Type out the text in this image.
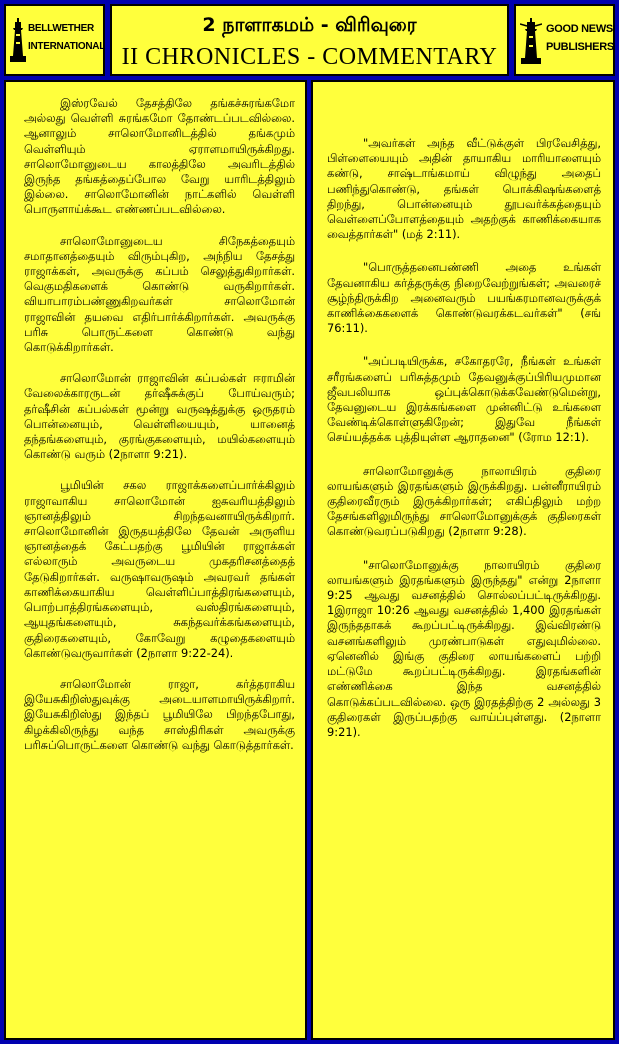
BELLWETHER
INTERNATIONAL
2 நாளாகமம் - விரிவுரை
II CHRONICLES - COMMENTARY
GOOD NEWS
PUBLISHERS

இஸ்ரவேல் தேசத்திலே தங்கச்சுரங்கமோ அல்லது வெள்ளி சுரங்கமோ தோண்டப்படவில்லை. ஆனாலும் சாலொமோனிடத்தில் தங்கமும் வெள்ளியும் ஏராளமாயிருக்கிறது. சாலொமோனுடைய காலத்திலே அவரிடத்தில் இருந்த தங்கத்தைப்போல வேறு யாரிடத்திலும் இல்லை. சாலொமோனின் நாட்களில் வெள்ளி பொருளாய்க்கூட எண்ணப்படவில்லை.

சாலொமோனுடைய சிநேகத்தையும் சமாதானத்தையும் விரும்புகிற, அந்நிய தேசத்து ராஜாக்கள், அவருக்கு கப்பம் செலுத்துகிறார்கள். வெகுமதிகளைக் கொண்டு வருகிறார்கள். வியாபாரம்பண்ணுகிறவர்கள் சாலொமோன் ராஜாவின் தயவை எதிர்பார்க்கிறார்கள். அவருக்கு பரிசு பொருட்களை கொண்டு வந்து கொடுக்கிறார்கள்.

சாலொமோன் ராஜாவின் கப்பல்கள் ஈராமின் வேலைக்காரருடன் தர்ஷீசுக்குப் போய்வரும்; தர்ஷீசின் கப்பல்கள் மூன்று வருஷத்துக்கு ஒருதரம் பொன்னையும், வெள்ளியையும், யானைத் தந்தங்களையும், குரங்குகளையும், மயில்களையும் கொண்டு வரும் (2நாளா 9:21).

பூமியின் சகல ராஜாக்களைப்பார்க்கிலும் ராஜாவாகிய சாலொமோன் ஐசுவரியத்திலும் ஞானத்திலும் சிறந்தவனாயிருக்கிறார். சாலொமோனின் இருதயத்திலே தேவன் அருளிய ஞானத்தைக் கேட்பதற்கு பூமியின் ராஜாக்கள் எல்லாரும் அவருடைய முகதரிசனத்தைத் தேடுகிறார்கள். வருஷாவருஷம் அவரவர் தங்கள் காணிக்கையாகிய வெள்ளிப்பாத்திரங்களையும், பொற்பாத்திரங்களையும், வஸ்திரங்களையும், ஆயுதங்களையும், சுகந்தவர்க்கங்களையும், குதிரைகளையும், கோவேறு கழுதைகளையும் கொண்டுவருவார்கள் (2நாளா 9:22-24).

சாலொமோன் ராஜா, கர்த்தராகிய இயேசுகிறிஸ்துவுக்கு அடையாளமாயிருக்கிறார். இயேசுகிறிஸ்து இந்தப் பூமியிலே பிறந்தபோது, கிழக்கிலிருந்து வந்த சாஸ்திரிகள் அவருக்கு பரிசுப்பொருட்களை கொண்டு வந்து கொடுத்தார்கள்.

"அவர்கள் அந்த வீட்டுக்குள் பிரவேசித்து, பிள்ளையையும் அதின் தாயாகிய மாரியாளையும் கண்டு, சாஷ்டாங்கமாய் விழுந்து அதைப் பணிந்துகொண்டு, தங்கள் பொக்கிஷங்களைத் திறந்து, பொன்னையும் தூபவர்க்கத்தையும் வெள்ளைப்போளத்தையும் அதற்குக் காணிக்கையாக வைத்தார்கள்" (மத் 2:11).

"பொருத்தனைபண்ணி அதை உங்கள் தேவனாகிய கர்த்தருக்கு நிறைவேற்றுங்கள்; அவரைச் சூழ்ந்திருக்கிற அனைவரும் பயங்கரமானவருக்குக் காணிக்கைகளைக் கொண்டுவரக்கடவர்கள்" (சங் 76:11).

"அப்படியிருக்க, சகோதரரே, நீங்கள் உங்கள் சரீரங்களைப் பரிசுத்தமும் தேவனுக்குப்பிரியமுமான ஜீவபலியாக ஒப்புக்கொடுக்கவேண்டுமென்று, தேவனுடைய இரக்கங்களை முன்னிட்டு உங்களை வேண்டிக்கொள்ளுகிறேன்; இதுவே நீங்கள் செய்யத்தக்க புத்தியுள்ள ஆராதனை" (ரோம 12:1).

சாலொமோனுக்கு நாலாயிரம் குதிரை லாயங்களும் இரதங்களும் இருக்கிறது. பன்னீராயிரம் குதிரைவீரரும் இருக்கிறார்கள்; எகிப்திலும் மற்ற தேசங்களிலுமிருந்து சாலொமோனுக்குக் குதிரைகள் கொண்டுவரப்படுகிறது (2நாளா 9:28).

"சாலொமோனுக்கு நாலாயிரம் குதிரை லாயங்களும் இரதங்களும் இருந்தது" என்று 2நாளா 9:25 ஆவது வசனத்தில் சொல்லப்பட்டிருக்கிறது. 1இராஜா 10:26 ஆவது வசனத்தில் 1,400 இரதங்கள் இருந்ததாகக் கூறப்பட்டிருக்கிறது. இவ்விரண்டு வசனங்களிலும் முரண்பாடுகள் எதுவுமில்லை. ஏனெனில் இங்கு குதிரை லாயங்களைப் பற்றி மட்டுமே கூறப்பட்டிருக்கிறது. இரதங்களின் எண்ணிக்கை இந்த வசனத்தில் கொடுக்கப்படவில்லை. ஒரு இரதத்திற்கு 2 அல்லது 3 குதிரைகள் இருப்பதற்கு வாய்ப்புள்ளது. (2நாளா 9:21).
